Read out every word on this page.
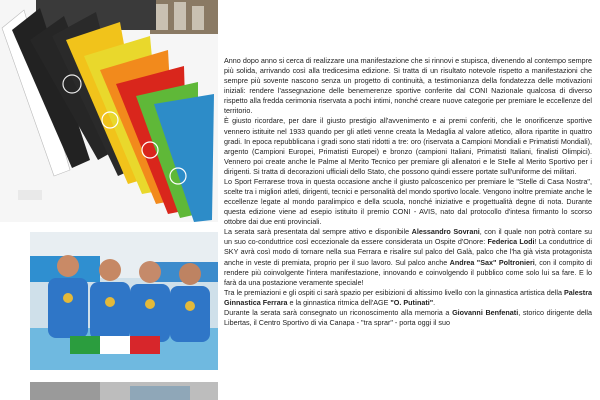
Anno dopo anno si cerca di realizzare una manifestazione che si rinnovi e stupisca, divenendo al contempo sempre più solida, arrivando così alla tredicesima edizione. Si tratta di un risultato notevole rispetto a manifestazioni che sempre più sovente nascono senza un progetto di continuità, a testimonianza della fondatezza delle motivazioni iniziali: rendere l'assegnazione delle benemerenze sportive conferite dal CONI Nazionale qualcosa di diverso rispetto alla fredda cerimonia riservata a pochi intimi, nonché creare nuove categorie per premiare le eccellenze del territorio.

È giusto ricordare, per dare il giusto prestigio all'avvenimento e ai premi conferiti, che le onorificenze sportive vennero istituite nel 1933 quando per gli atleti venne creata la Medaglia al valore atletico, allora ripartite in quattro gradi. In epoca repubblicana i gradi sono stati ridotti a tre: oro (riservata a Campioni Mondiali e Primatisti Mondiali), argento (Campioni Europei, Primatisti Europei) e bronzo (campioni Italiani, Primatisti Italiani, finalisti Olimpici). Vennero poi create anche le Palme al Merito Tecnico per premiare gli allenatori e le Stelle al Merito Sportivo per i dirigenti. Si tratta di decorazioni ufficiali dello Stato, che possono quindi essere portate sull'uniforme dei militari.

Lo Sport Ferrarese trova in questa occasione anche il giusto palcoscenico per premiare le "Stelle di Casa Nostra", scelte tra i migliori atleti, dirigenti, tecnici e personalità del mondo sportivo locale. Vengono inoltre premiate anche le eccellenze legate al mondo paralimpico e della scuola, nonché iniziative e progettualità degne di nota. Durante questa edizione viene ad esepio istituito il premio CONI - AVIS, nato dal protocollo d'intesa firmanto lo scorso ottobre dai due enti provinciali.

La serata sarà presentata dal sempre attivo e disponibile Alessandro Sovrani, con il quale non potrà contare su un suo co-conduttrice così eccezionale da essere considerata un Ospite d'Onore: Federica Lodi! La conduttrice di SKY avrà così modo di tornare nella sua Ferrara e risalire sul palco del Galà, palco che l'ha già vista protagonista anche in veste di premiata, proprio per il suo lavoro. Sul palco anche Andrea "Sax" Poltronieri, con il compito di rendere più coinvolgente l'intera manifestazione, innovando e coinvolgendo il pubblico come solo lui sa fare. E lo farà da una postazione veramente speciale!

Tra le premiazioni e gli ospiti ci sarà spazio per esibizioni di altissimo livello con la ginnastica artistica della Palestra Ginnastica Ferrara e la ginnastica ritmica dell'AGE "O. Putinati".

Durante la serata sarà consegnato un riconoscimento alla memoria a Giovanni Benfenati, storico dirigente della Libertas, il Centro Sportivo di via Canapa - "tra sprar" - porta oggi il suo
